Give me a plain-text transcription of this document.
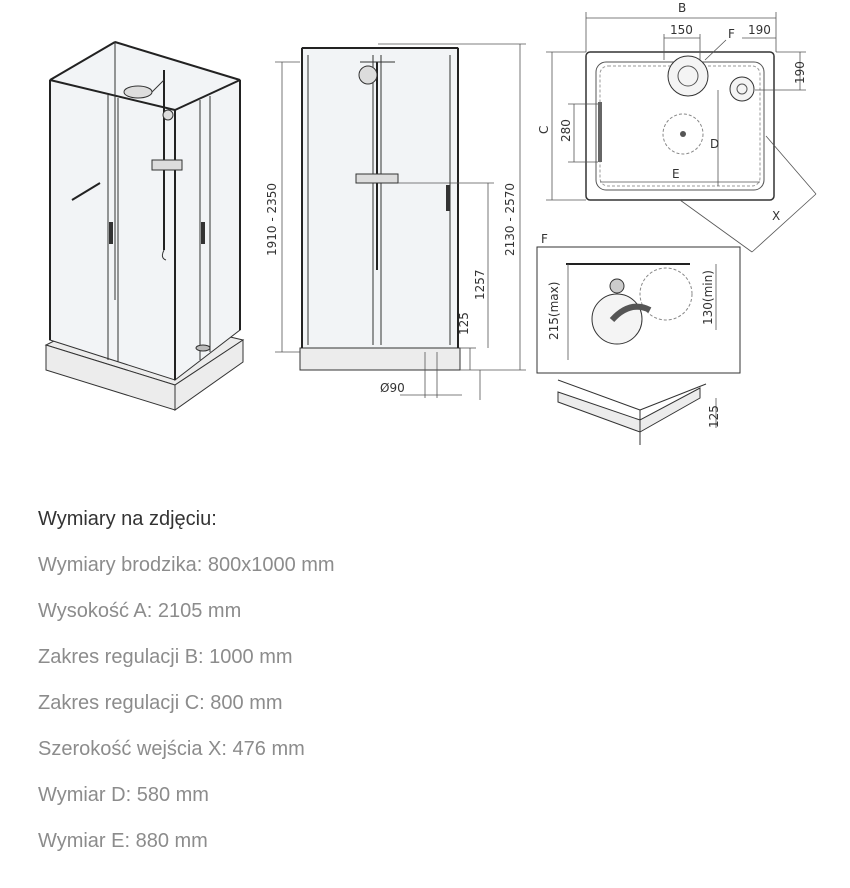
1910 - 2350	2130 - 2570
1257
125
Ø90
B
150	190
F
190
C 280
D
E
X
F
215(max)	130(min)
125
Wymiary na zdjęciu:
Wymiary brodzika: 800x1000 mm
Wysokość A: 2105 mm
Zakres regulacji B: 1000 mm
Zakres regulacji C: 800 mm
Szerokość wejścia X: 476 mm
Wymiar D: 580 mm
Wymiar E: 880 mm
